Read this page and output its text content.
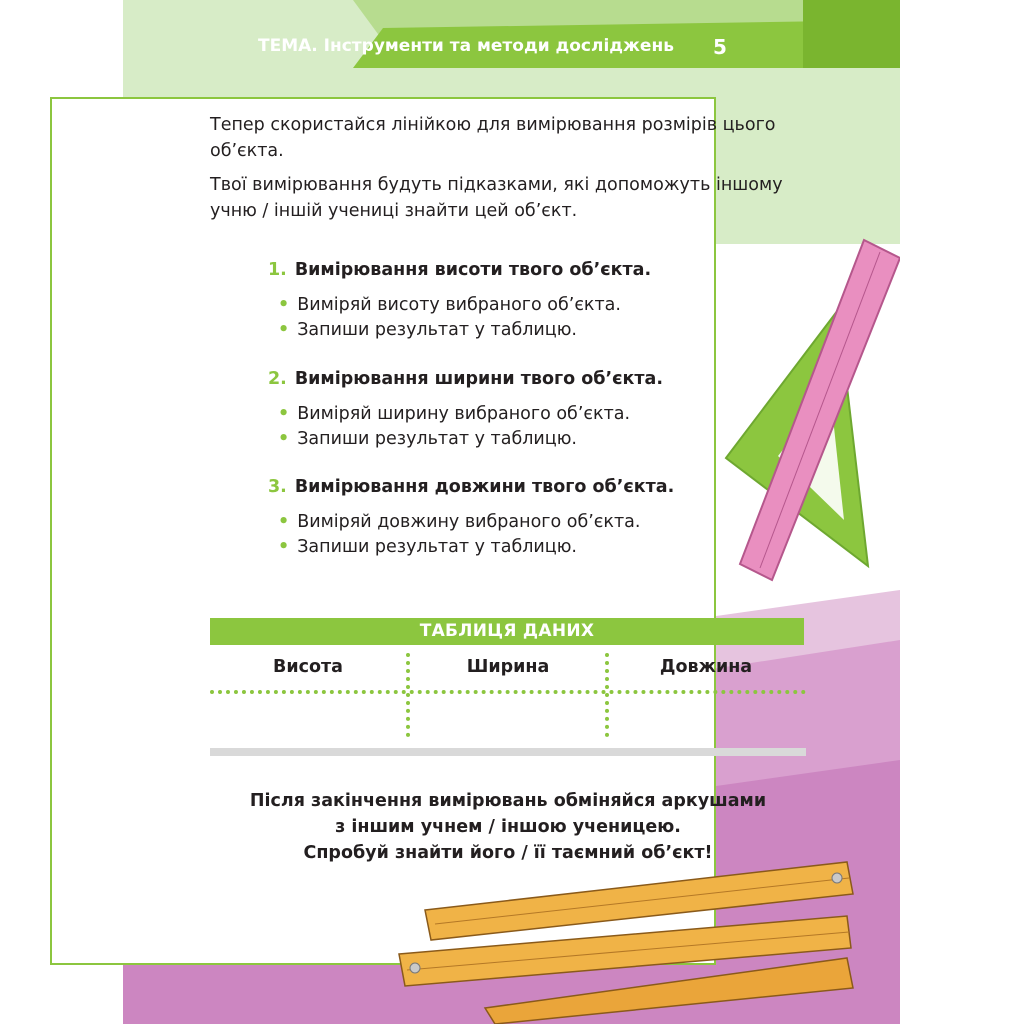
ТЕМА. Інструменти та методи досліджень	5

Тепер скористайся лінійкою для вимірювання розмірів цього об’єкта.

Твої вимірювання будуть підказками, які допоможуть іншому учню / іншій учениці знайти цей об’єкт.

1. Вимірювання висоти твого об’єкта.
• Виміряй висоту вибраного об’єкта.
• Запиши результат у таблицю.
2. Вимірювання ширини твого об’єкта.
• Виміряй ширину вибраного об’єкта.
• Запиши результат у таблицю.
3. Вимірювання довжини твого об’єкта.
• Виміряй довжину вибраного об’єкта.
• Запиши результат у таблицю.
ТАБЛИЦЯ ДАНИХ
Висота	Ширина	Довжина

Після закінчення вимірювань обміняйся аркушами
з іншим учнем / іншою ученицею.
Спробуй знайти його / її таємний об’єкт!
